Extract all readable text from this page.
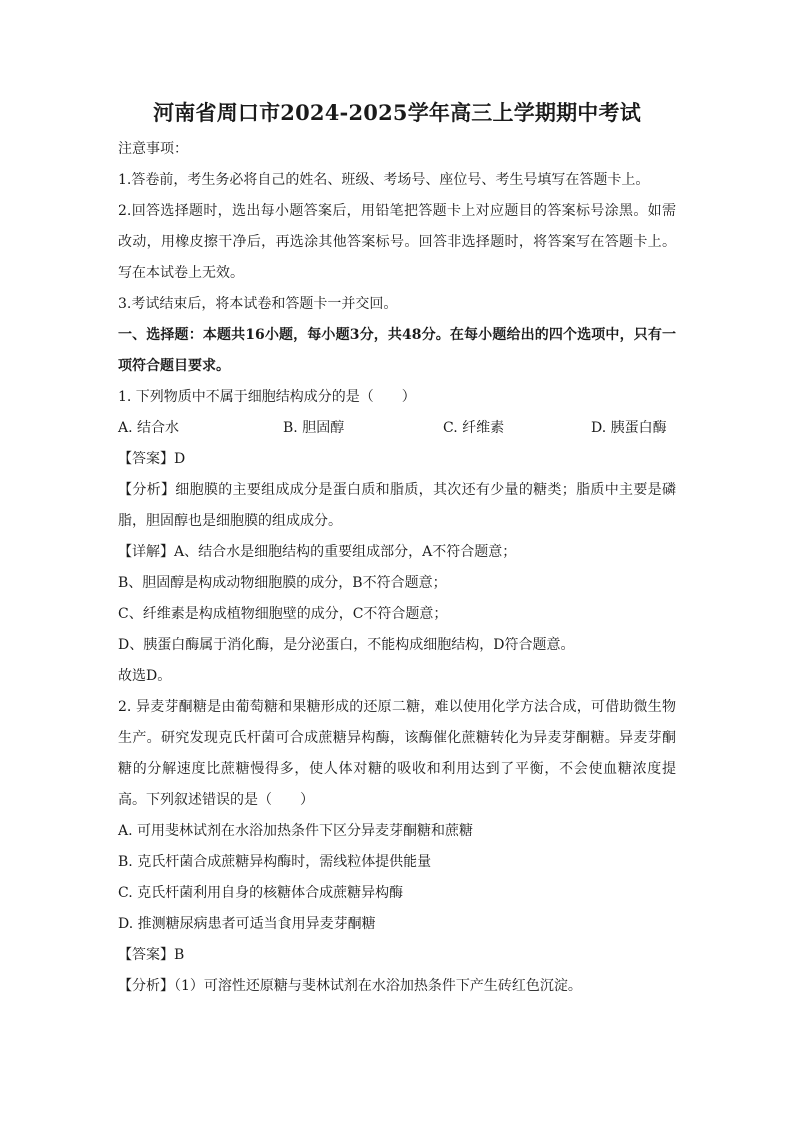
河南省周口市2024-2025学年高三上学期期中考试
注意事项：
1.答卷前，考生务必将自己的姓名、班级、考场号、座位号、考生号填写在答题卡上。
2.回答选择题时，选出每小题答案后，用铅笔把答题卡上对应题目的答案标号涂黑。如需改动，用橡皮擦干净后，再选涂其他答案标号。回答非选择题时，将答案写在答题卡上。写在本试卷上无效。
3.考试结束后，将本试卷和答题卡一并交回。
一、选择题：本题共16小题，每小题3分，共48分。在每小题给出的四个选项中，只有一项符合题目要求。
1. 下列物质中不属于细胞结构成分的是（　　）
A. 结合水	B. 胆固醇	C. 纤维素	D. 胰蛋白酶
【答案】D
【分析】细胞膜的主要组成成分是蛋白质和脂质，其次还有少量的糖类；脂质中主要是磷脂，胆固醇也是细胞膜的组成成分。
【详解】A、结合水是细胞结构的重要组成部分，A不符合题意；
B、胆固醇是构成动物细胞膜的成分，B不符合题意；
C、纤维素是构成植物细胞壁的成分，C不符合题意；
D、胰蛋白酶属于消化酶，是分泌蛋白，不能构成细胞结构，D符合题意。
故选D。
2. 异麦芽酮糖是由葡萄糖和果糖形成的还原二糖，难以使用化学方法合成，可借助微生物生产。研究发现克氏杆菌可合成蔗糖异构酶，该酶催化蔗糖转化为异麦芽酮糖。异麦芽酮糖的分解速度比蔗糖慢得多，使人体对糖的吸收和利用达到了平衡，不会使血糖浓度提高。下列叙述错误的是（　　）
A. 可用斐林试剂在水浴加热条件下区分异麦芽酮糖和蔗糖
B. 克氏杆菌合成蔗糖异构酶时，需线粒体提供能量
C. 克氏杆菌利用自身的核糖体合成蔗糖异构酶
D. 推测糖尿病患者可适当食用异麦芽酮糖
【答案】B
【分析】（1）可溶性还原糖与斐林试剂在水浴加热条件下产生砖红色沉淀。
